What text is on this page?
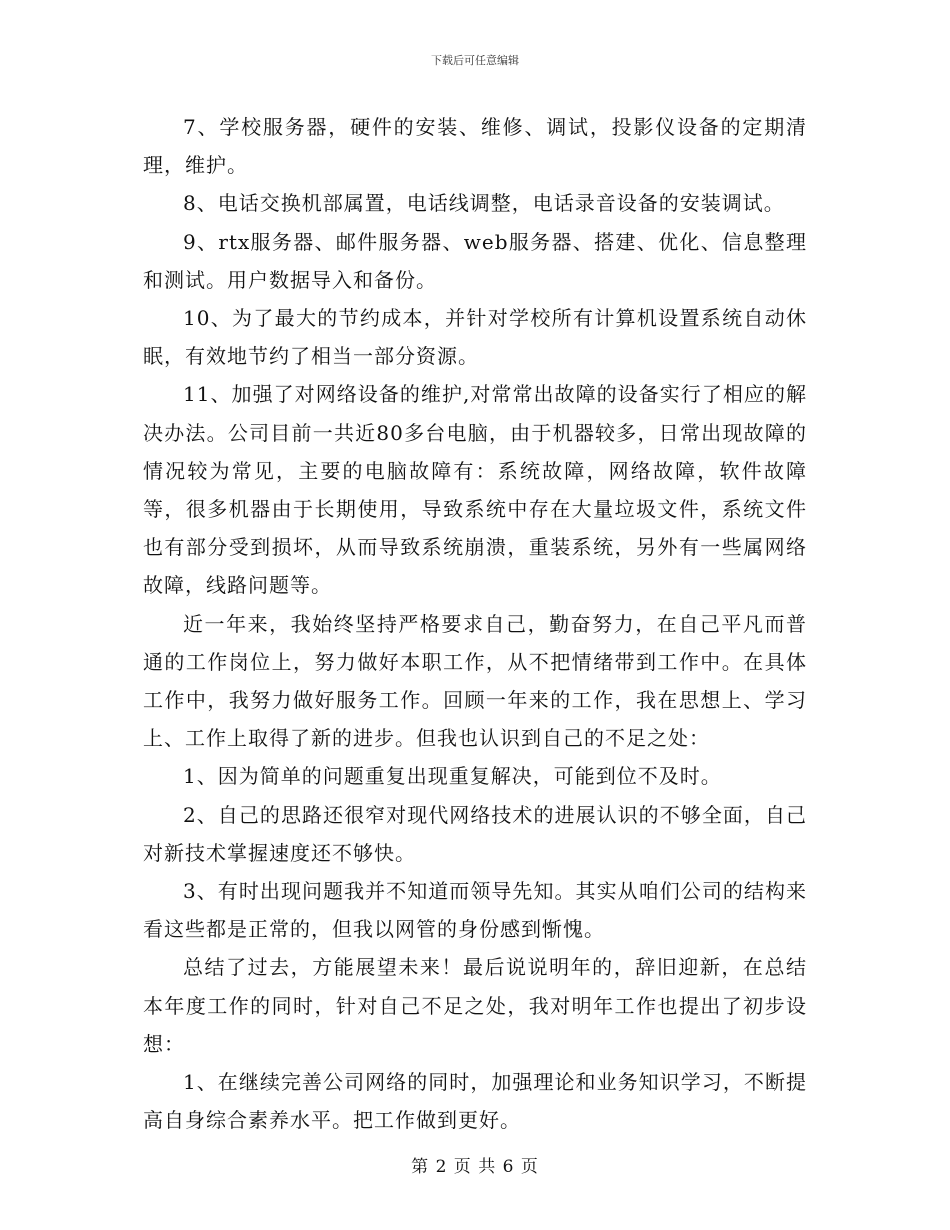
下载后可任意编辑

7、学校服务器，硬件的安装、维修、调试，投影仪设备的定期清理，维护。

8、电话交换机部属置，电话线调整，电话录音设备的安装调试。

9、rtx服务器、邮件服务器、web服务器、搭建、优化、信息整理和测试。用户数据导入和备份。

10、为了最大的节约成本，并针对学校所有计算机设置系统自动休眠，有效地节约了相当一部分资源。

11、加强了对网络设备的维护,对常常出故障的设备实行了相应的解决办法。公司目前一共近80多台电脑，由于机器较多，日常出现故障的情况较为常见，主要的电脑故障有：系统故障，网络故障，软件故障等，很多机器由于长期使用，导致系统中存在大量垃圾文件，系统文件也有部分受到损坏，从而导致系统崩溃，重装系统，另外有一些属网络故障，线路问题等。

近一年来，我始终坚持严格要求自己，勤奋努力，在自己平凡而普通的工作岗位上，努力做好本职工作，从不把情绪带到工作中。在具体工作中，我努力做好服务工作。回顾一年来的工作，我在思想上、学习上、工作上取得了新的进步。但我也认识到自己的不足之处：

1、因为简单的问题重复出现重复解决，可能到位不及时。

2、自己的思路还很窄对现代网络技术的进展认识的不够全面，自己对新技术掌握速度还不够快。

3、有时出现问题我并不知道而领导先知。其实从咱们公司的结构来看这些都是正常的，但我以网管的身份感到惭愧。

总结了过去，方能展望未来！最后说说明年的，辞旧迎新，在总结本年度工作的同时，针对自己不足之处，我对明年工作也提出了初步设想：

1、在继续完善公司网络的同时，加强理论和业务知识学习，不断提高自身综合素养水平。把工作做到更好。

第 2 页 共 6 页
